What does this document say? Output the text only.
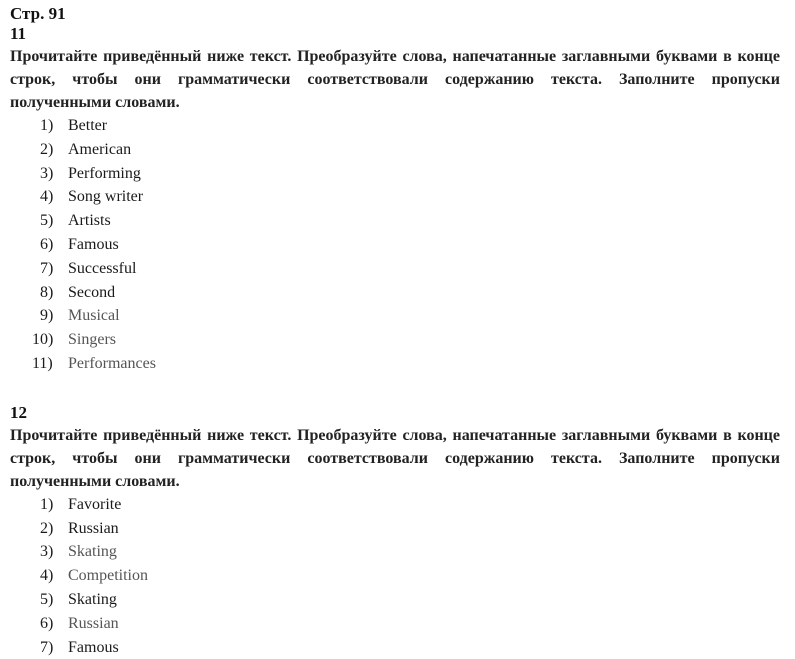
Стр. 91

11

Прочитайте приведённый ниже текст. Преобразуйте слова, напечатанные заглавными буквами в конце строк, чтобы они грамматически соответствовали содержанию текста. Заполните пропуски полученными словами.

1) Better
2) American
3) Performing
4) Song writer
5) Artists
6) Famous
7) Successful
8) Second
9) Musical
10) Singers
11) Performances

12

Прочитайте приведённый ниже текст. Преобразуйте слова, напечатанные заглавными буквами в конце строк, чтобы они грамматически соответствовали содержанию текста. Заполните пропуски полученными словами.

1) Favorite
2) Russian
3) Skating
4) Competition
5) Skating
6) Russian
7) Famous
